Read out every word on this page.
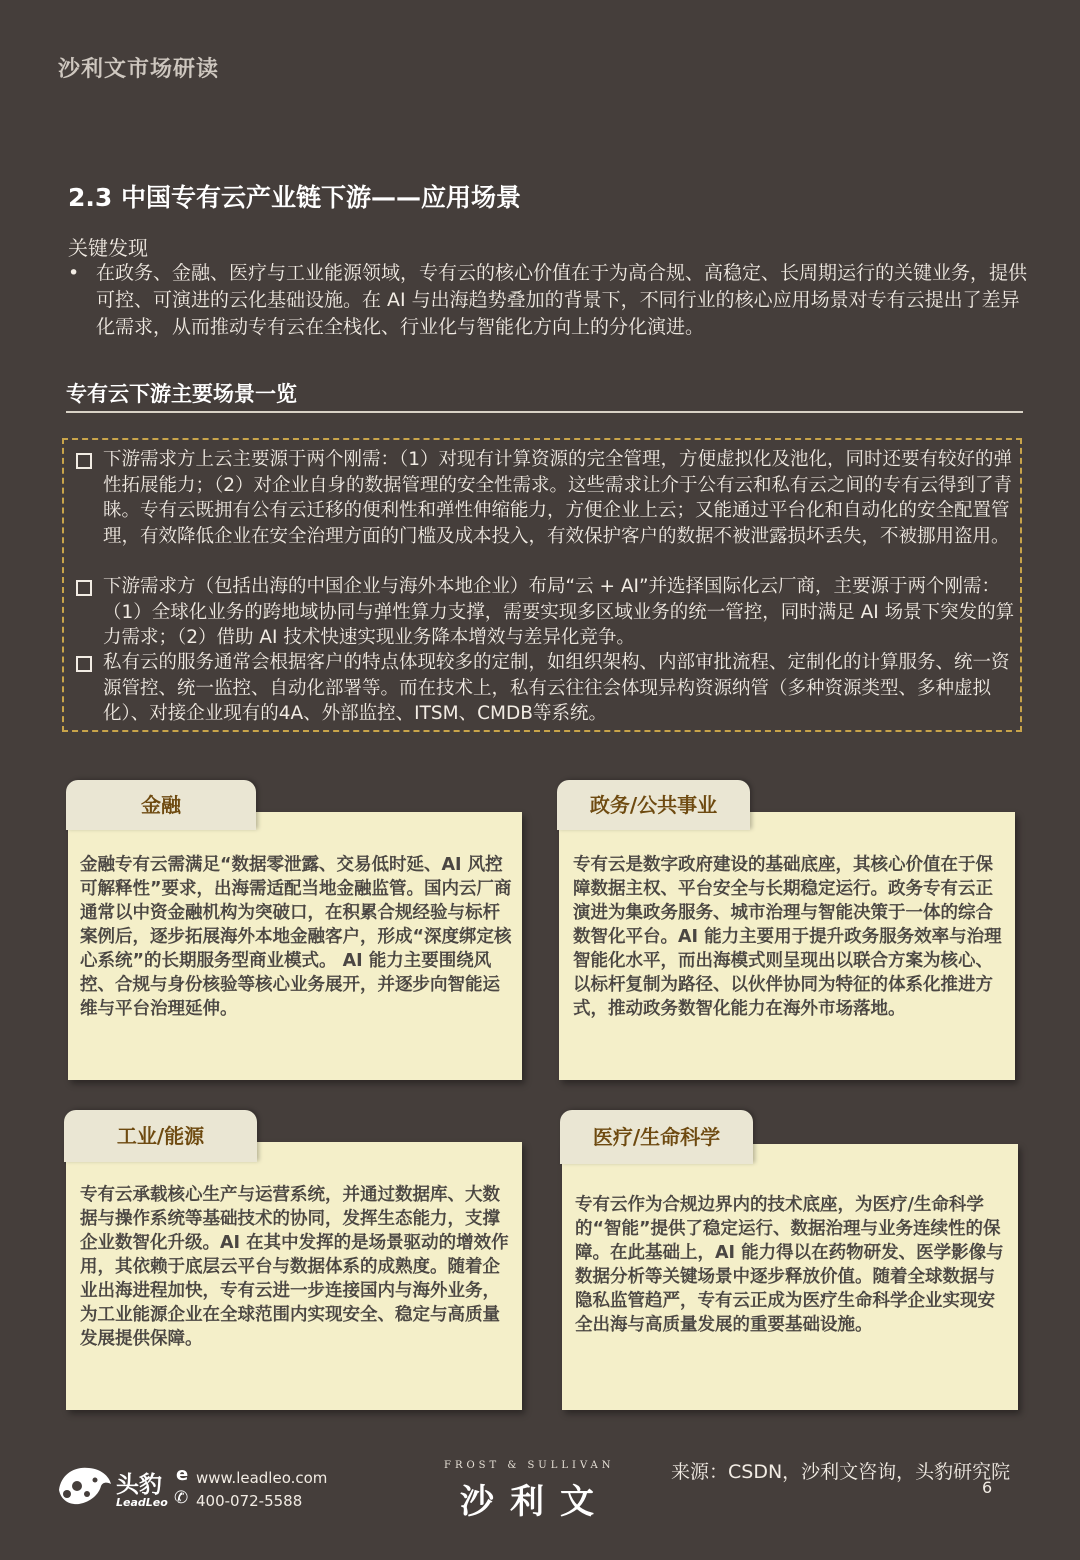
沙利文市场研读
2.3 中国专有云产业链下游——应用场景
关键发现
• 在政务、金融、医疗与工业能源领域，专有云的核心价值在于为高合规、高稳定、长周期运行的关键业务，提供可控、可演进的云化基础设施。在 AI 与出海趋势叠加的背景下，不同行业的核心应用场景对专有云提出了差异化需求，从而推动专有云在全栈化、行业化与智能化方向上的分化演进。
专有云下游主要场景一览
下游需求方上云主要源于两个刚需：（1）对现有计算资源的完全管理，方便虚拟化及池化，同时还要有较好的弹性拓展能力；（2）对企业自身的数据管理的安全性需求。这些需求让介于公有云和私有云之间的专有云得到了青睐。专有云既拥有公有云迁移的便利性和弹性伸缩能力，方便企业上云；又能通过平台化和自动化的安全配置管理，有效降低企业在安全治理方面的门槛及成本投入，有效保护客户的数据不被泄露损坏丢失，不被挪用盗用。
下游需求方（包括出海的中国企业与海外本地企业）布局“云 + AI”并选择国际化云厂商，主要源于两个刚需：（1）全球化业务的跨地域协同与弹性算力支撑，需要实现多区域业务的统一管控，同时满足 AI 场景下突发的算力需求；（2）借助 AI 技术快速实现业务降本增效与差异化竞争。
私有云的服务通常会根据客户的特点体现较多的定制，如组织架构、内部审批流程、定制化的计算服务、统一资源管控、统一监控、自动化部署等。而在技术上，私有云往往会体现异构资源纳管（多种资源类型、多种虚拟化）、对接企业现有的4A、外部监控、ITSM、CMDB等系统。
金融
金融专有云需满足“数据零泄露、交易低时延、AI 风控可解释性”要求，出海需适配当地金融监管。国内云厂商通常以中资金融机构为突破口，在积累合规经验与标杆案例后，逐步拓展海外本地金融客户，形成“深度绑定核心系统”的长期服务型商业模式。 AI 能力主要围绕风控、合规与身份核验等核心业务展开，并逐步向智能运维与平台治理延伸。
政务/公共事业
专有云是数字政府建设的基础底座，其核心价值在于保障数据主权、平台安全与长期稳定运行。政务专有云正演进为集政务服务、城市治理与智能决策于一体的综合数智化平台。AI 能力主要用于提升政务服务效率与治理智能化水平，而出海模式则呈现出以联合方案为核心、以标杆复制为路径、以伙伴协同为特征的体系化推进方式，推动政务数智化能力在海外市场落地。
工业/能源
专有云承载核心生产与运营系统，并通过数据库、大数据与操作系统等基础技术的协同，发挥生态能力，支撑企业数智化升级。AI 在其中发挥的是场景驱动的增效作用，其依赖于底层云平台与数据体系的成熟度。随着企业出海进程加快，专有云进一步连接国内与海外业务，为工业能源企业在全球范围内实现安全、稳定与高质量发展提供保障。
医疗/生命科学
专有云作为合规边界内的技术底座，为医疗/生命科学的“智能”提供了稳定运行、数据治理与业务连续性的保障。在此基础上，AI 能力得以在药物研发、医学影像与数据分析等关键场景中逐步释放价值。随着全球数据与隐私监管趋严，专有云正成为医疗生命科学企业实现安全出海与高质量发展的重要基础设施。
头豹
LeadLeo
e www.leadleo.com
✆ 400-072-5588
FROST & SULLIVAN
沙利文
来源：CSDN，沙利文咨询，头豹研究院
6
